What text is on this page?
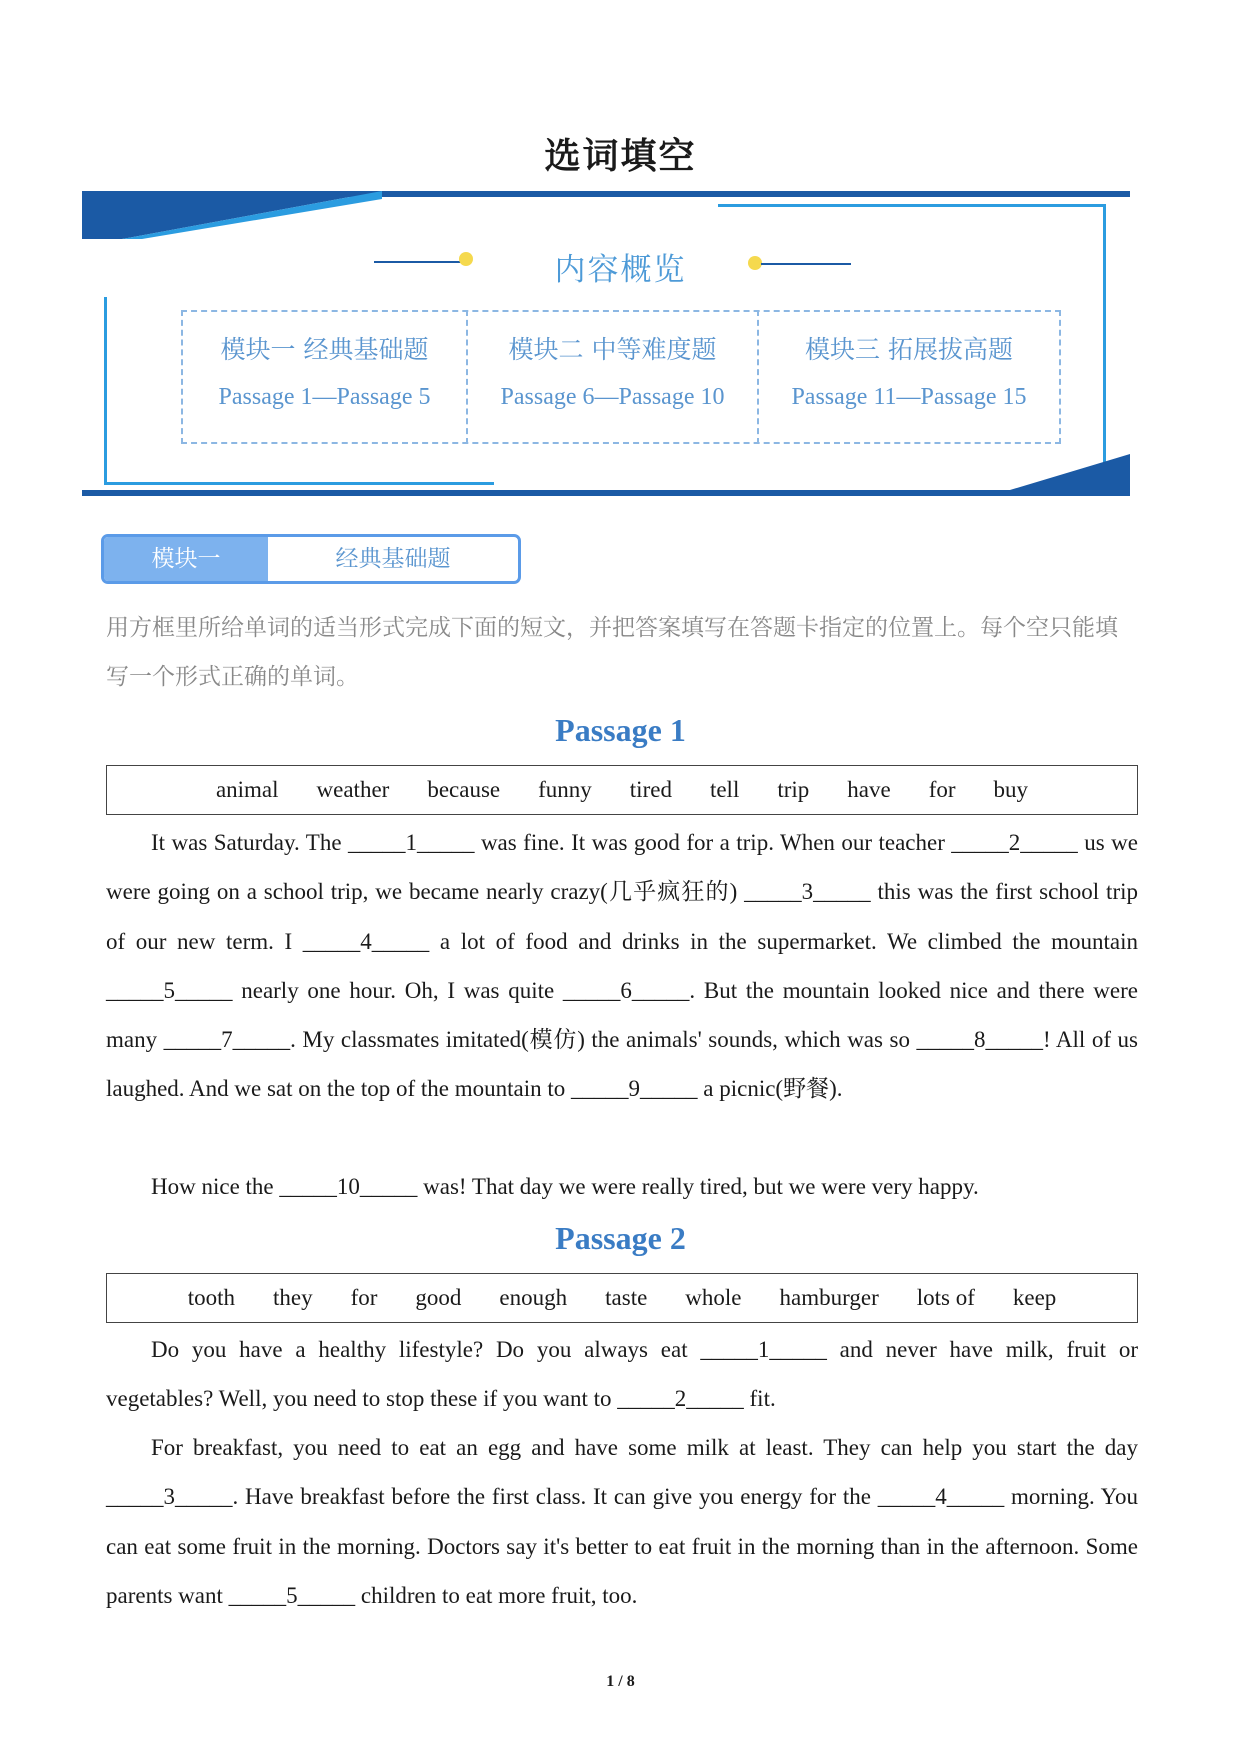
选词填空
内容概览
模块一 经典基础题
Passage 1—Passage 5
模块二 中等难度题
Passage 6—Passage 10
模块三 拓展拔高题
Passage 11—Passage 15
模块一	经典基础题

用方框里所给单词的适当形式完成下面的短文，并把答案填写在答题卡指定的位置上。每个空只能填写一个形式正确的单词。

Passage 1
animal weather because funny tired tell trip have for buy

It was Saturday. The _____1_____ was fine. It was good for a trip. When our teacher _____2_____ us we were going on a school trip, we became nearly crazy(几乎疯狂的) _____3_____ this was the first school trip of our new term. I _____4_____ a lot of food and drinks in the supermarket. We climbed the mountain _____5_____ nearly one hour. Oh, I was quite _____6_____. But the mountain looked nice and there were many _____7_____. My classmates imitated(模仿) the animals' sounds, which was so _____8_____! All of us laughed. And we sat on the top of the mountain to _____9_____ a picnic(野餐).

How nice the _____10_____ was! That day we were really tired, but we were very happy.

Passage 2
tooth they for good enough taste whole hamburger lots of keep

Do you have a healthy lifestyle? Do you always eat _____1_____ and never have milk, fruit or vegetables? Well, you need to stop these if you want to _____2_____ fit.

For breakfast, you need to eat an egg and have some milk at least. They can help you start the day _____3_____. Have breakfast before the first class. It can give you energy for the _____4_____ morning. You can eat some fruit in the morning. Doctors say it's better to eat fruit in the morning than in the afternoon. Some parents want _____5_____ children to eat more fruit, too.

1 / 8
